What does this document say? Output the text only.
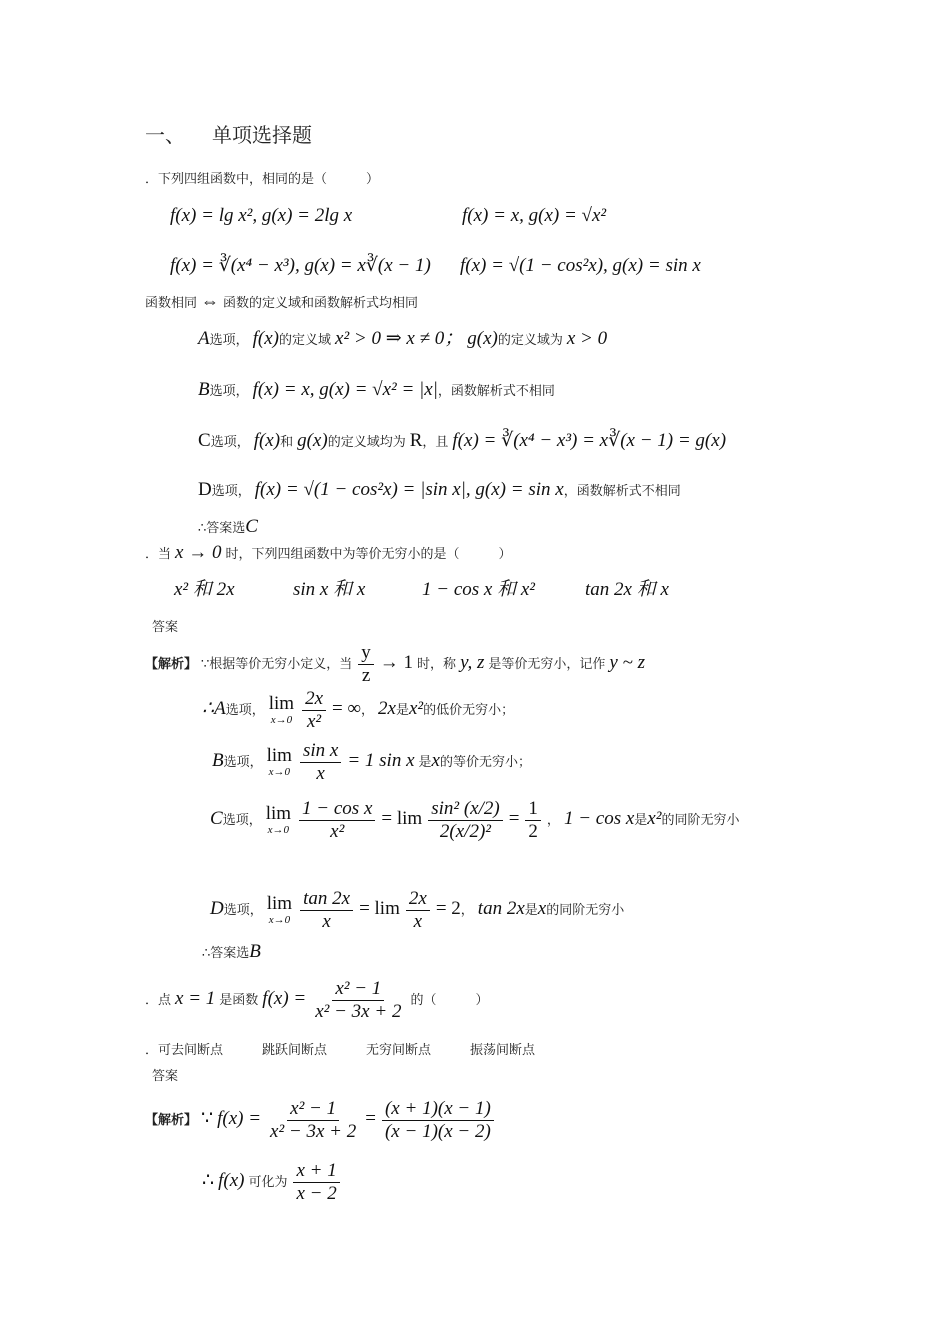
一、 单项选择题
．下列四组函数中，相同的是（　　　）
f(x) = lg x², g(x) = 2lg x	f(x) = x, g(x) = √x²
f(x) = ∛(x⁴ − x³), g(x) = x∛(x − 1) f(x) = √(1 − cos²x), g(x) = sin x
函数相同 ⇔ 函数的定义域和函数解析式均相同
A选项， f(x)的定义域 x² > 0 ⇒ x ≠ 0； g(x)的定义域为 x > 0
B选项， f(x) = x, g(x) = √x² = |x|，函数解析式不相同
C选项， f(x)和 g(x)的定义域均为 R，且 f(x) = ∛(x⁴ − x³) = x∛(x − 1) = g(x)
D选项， f(x) = √(1 − cos²x) = |sin x|, g(x) = sin x，函数解析式不相同
∴答案选C
．当 x → 0 时，下列四组函数中为等价无穷小的是（　　　）
x² 和 2x	sin x 和 x	1 − cos x 和 x²	tan 2x 和 x
答案
【解析】 ∵根据等价无穷小定义，当 $\frac{y}{z} \to 1$ 时，称 y, z 是等价无穷小，记作 y ~ z
∴A选项， lim
x→0
$\frac{2x}{\text{x²}}$ = ∞， 2x是x²的低价无穷小；
B选项， lim
x→0
$\frac{\text{sin x}}{x} = 1$ sin x 是x的等价无穷小；
C选项， lim
x→0
$\frac{\text{1 − cos x}}{\text{x²}} = \lim \frac{\text{sin² (x/2)}}{\text{2(x/2)²}} = \frac{1}{2}$ ， 1 − cos x是x²的同阶无穷小
D选项， lim
x→0
$\frac{\tan 2x}{x} = \lim \frac{2x}{x} = 2$， tan 2x是x的同阶无穷小
∴答案选B
．点 x = 1 是函数 $f(x) = \frac{\text{x² − 1}}{\text{x² − 3x + 2}}$ 的（　　　）
．可去间断点　　　跳跃间断点　　　无穷间断点　　　振荡间断点
答案
【解析】 ∵ $f(x) = \frac{\text{x² − 1}}{\text{x² − 3x + 2}} = \frac{(x + 1)(x - 1)}{(x - 1)(x - 2)}$
∴ f(x) 可化为 $\frac{x + 1}{x - 2}$
